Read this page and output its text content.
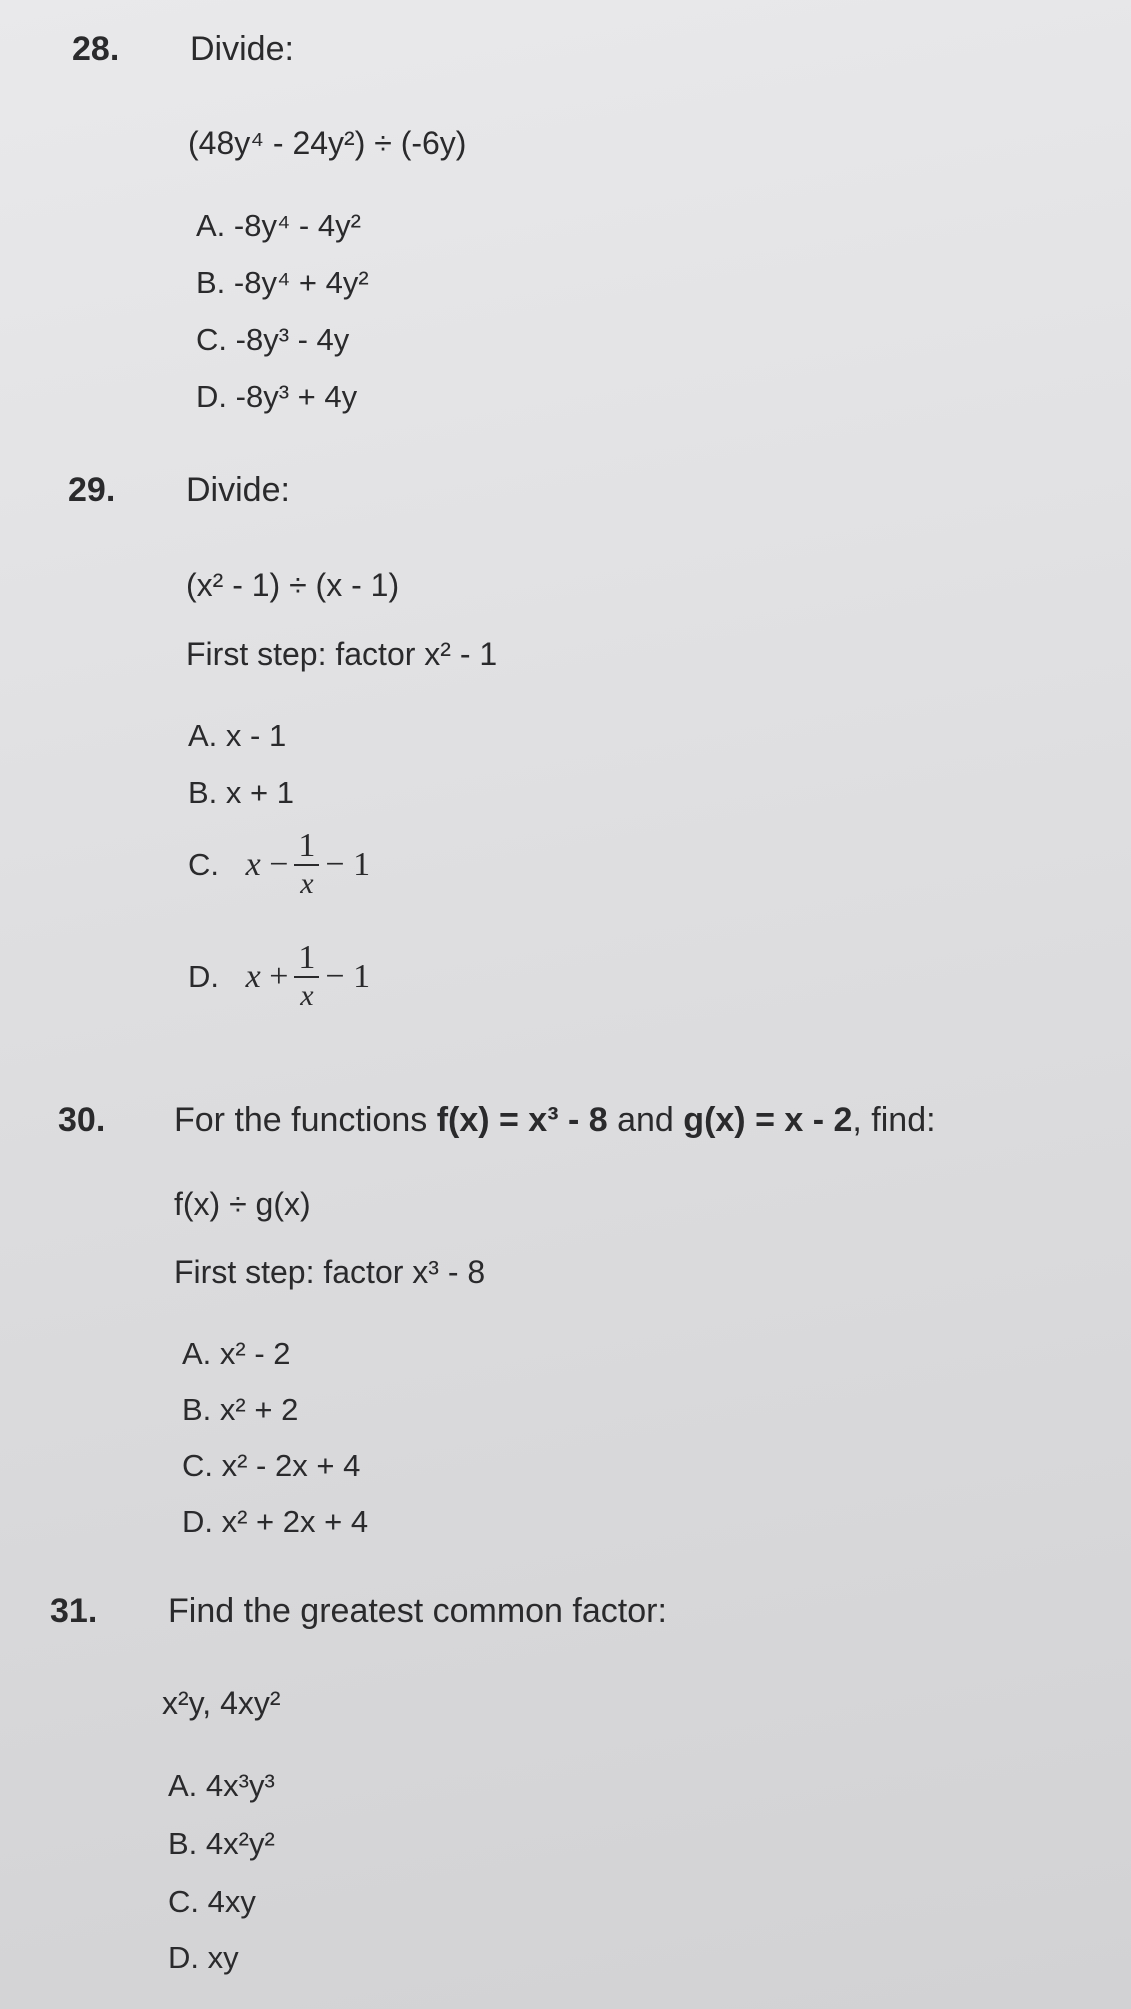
28. Divide:
(48y⁴ - 24y²) ÷ (-6y)
A. -8y⁴ - 4y²
B. -8y⁴ + 4y²
C. -8y³ - 4y
D. -8y³ + 4y
29. Divide:
(x² - 1) ÷ (x - 1)
First step: factor x² - 1
A. x - 1
B. x + 1
C. $x - \frac{1}{x} - 1$
D. $x + \frac{1}{x} - 1$
30. For the functions f(x) = x³ - 8 and g(x) = x - 2, find:
f(x) ÷ g(x)
First step: factor x³ - 8
A. x² - 2
B. x² + 2
C. x² - 2x + 4
D. x² + 2x + 4
31. Find the greatest common factor:
x²y, 4xy²
A. 4x³y³
B. 4x²y²
C. 4xy
D. xy
